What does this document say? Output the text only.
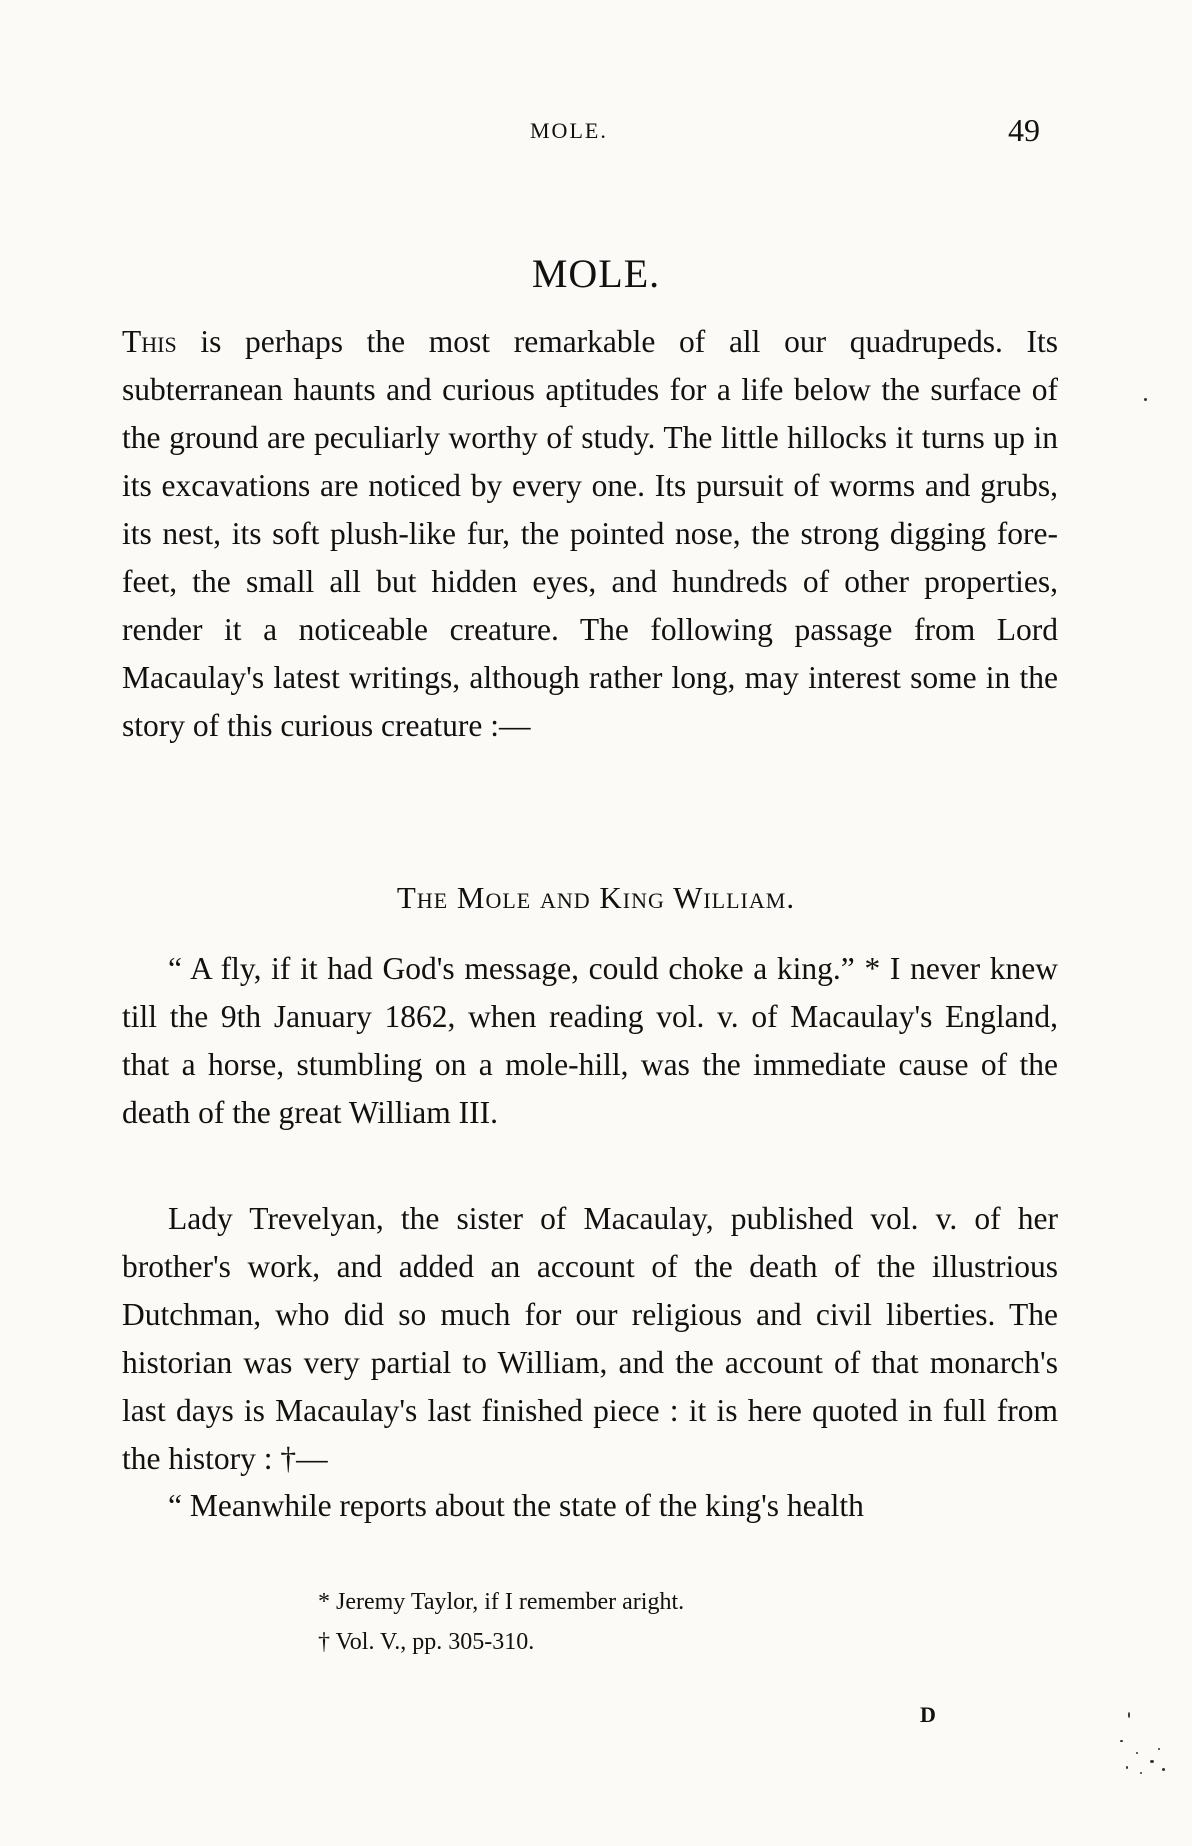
MOLE.	49
MOLE.

This is perhaps the most remarkable of all our quadrupeds. Its subterranean haunts and curious aptitudes for a life below the surface of the ground are peculiarly worthy of study. The little hillocks it turns up in its excavations are noticed by every one. Its pursuit of worms and grubs, its nest, its soft plush-like fur, the pointed nose, the strong digging fore-feet, the small all but hidden eyes, and hundreds of other properties, render it a noticeable creature. The following passage from Lord Macaulay's latest writings, although rather long, may interest some in the story of this curious creature :—

The Mole and King William.

“ A fly, if it had God's message, could choke a king.” * I never knew till the 9th January 1862, when reading vol. v. of Macaulay's England, that a horse, stumbling on a mole-hill, was the immediate cause of the death of the great William III.

Lady Trevelyan, the sister of Macaulay, published vol. v. of her brother's work, and added an account of the death of the illustrious Dutchman, who did so much for our religious and civil liberties. The historian was very partial to William, and the account of that monarch's last days is Macaulay's last finished piece : it is here quoted in full from the history : †—

“ Meanwhile reports about the state of the king's health

* Jeremy Taylor, if I remember aright.

† Vol. V., pp. 305-310.

D
